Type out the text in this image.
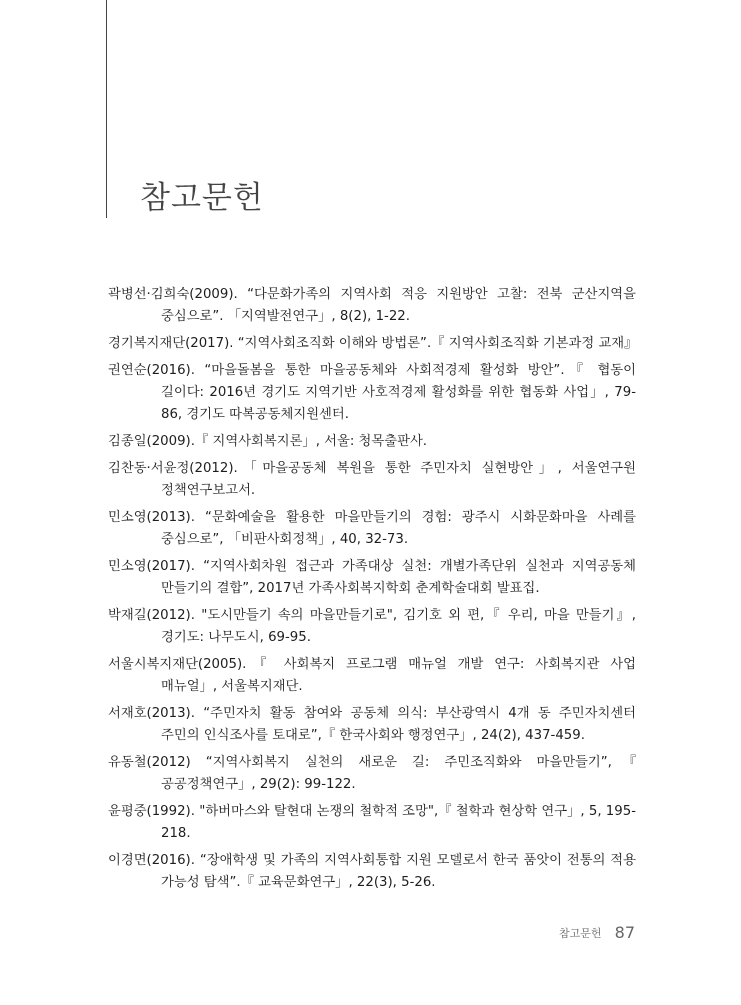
참고문헌

곽병선·김희숙(2009). “다문화가족의 지역사회 적응 지원방안 고찰: 전북 군산지역을 중심으로”. 「지역발전연구」, 8(2), 1-22.

경기복지재단(2017). “지역사회조직화 이해와 방법론”.『 지역사회조직화 기본과정 교재』

권연순(2016). “마을돌봄을 통한 마을공동체와 사회적경제 활성화 방안”.『 협동이 길이다: 2016년 경기도 지역기반 사호적경제 활성화를 위한 협동화 사업」, 79-86, 경기도 따복공동체지원센터.

김종일(2009).『 지역사회복지론」, 서울: 청목출판사.

김찬동·서윤정(2012).「마을공동체 복원을 통한 주민자치 실현방안」, 서울연구원 정책연구보고서.

민소영(2013). “문화예술을 활용한 마을만들기의 경험: 광주시 시화문화마을 사례를 중심으로”, 「비판사회정책」, 40, 32-73.

민소영(2017). “지역사회차원 접근과 가족대상 실천: 개별가족단위 실천과 지역공동체 만들기의 결합”, 2017년 가족사회복지학회 춘계학술대회 발표집.

박재길(2012). "도시만들기 속의 마을만들기로", 김기호 외 편,『 우리, 마을 만들기』, 경기도: 나무도시, 69-95.

서울시복지재단(2005).『 사회복지 프로그램 매뉴얼 개발 연구: 사회복지관 사업 매뉴얼」, 서울복지재단.

서재호(2013). “주민자치 활동 참여와 공동체 의식: 부산광역시 4개 동 주민자치센터 주민의 인식조사를 토대로”,『 한국사회와 행정연구」, 24(2), 437-459.

유동철(2012) “지역사회복지 실천의 새로운 길: 주민조직화와 마을만들기”,『 공공정책연구」, 29(2): 99-122.

윤평중(1992). "하버마스와 탈현대 논쟁의 철학적 조망",『 철학과 현상학 연구」, 5, 195-218.

이경면(2016). “장애학생 및 가족의 지역사회통합 지원 모델로서 한국 품앗이 전통의 적용 가능성 탐색”.『 교육문화연구」, 22(3), 5-26.

참고문헌 87
